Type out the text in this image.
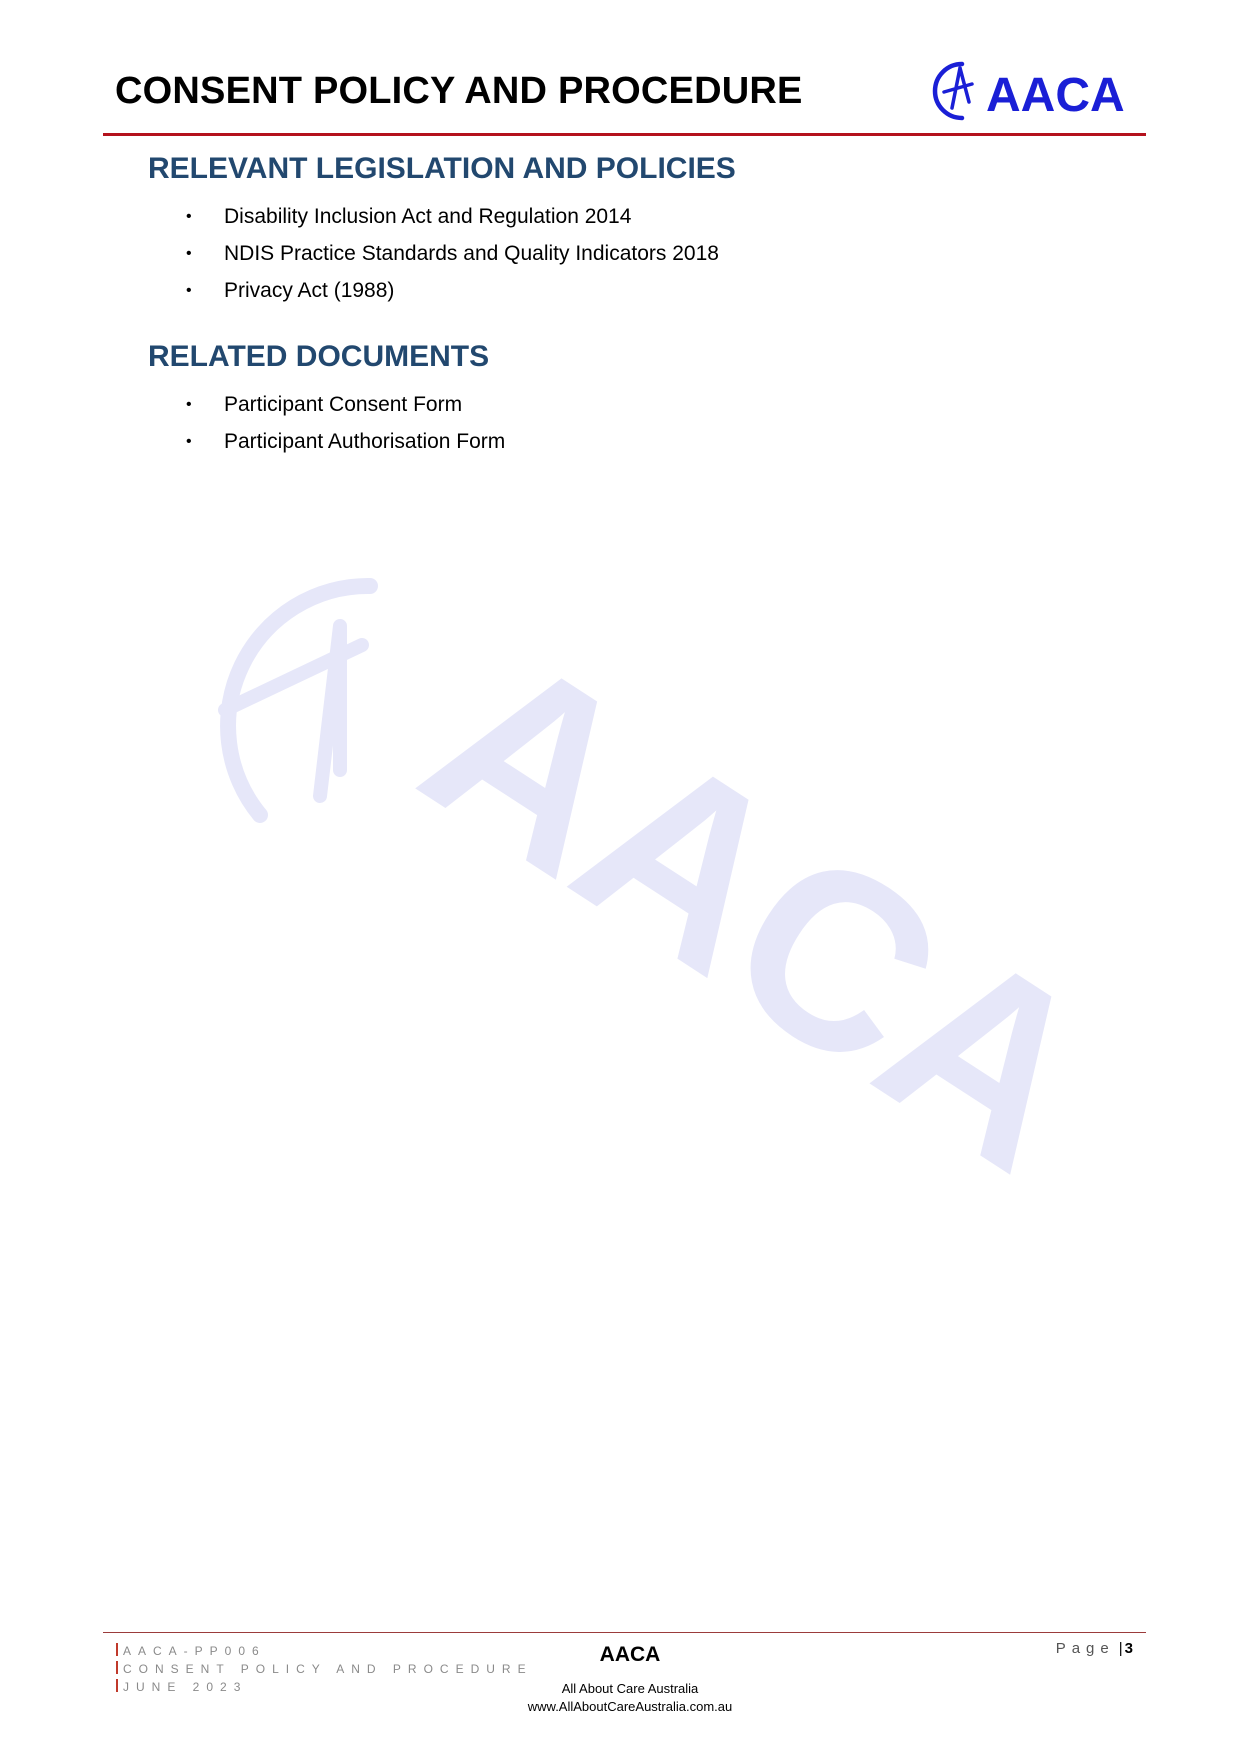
CONSENT POLICY AND PROCEDURE	AACA
RELEVANT LEGISLATION AND POLICIES
• Disability Inclusion Act and Regulation 2014
• NDIS Practice Standards and Quality Indicators 2018
• Privacy Act (1988)
RELATED DOCUMENTS
• Participant Consent Form
• Participant Authorisation Form
AACA
AACA-PP006
CONSENT POLICY AND PROCEDURE
JUNE 2023
AACA
All About Care Australia
www.AllAboutCareAustralia.com.au
Page | 3
